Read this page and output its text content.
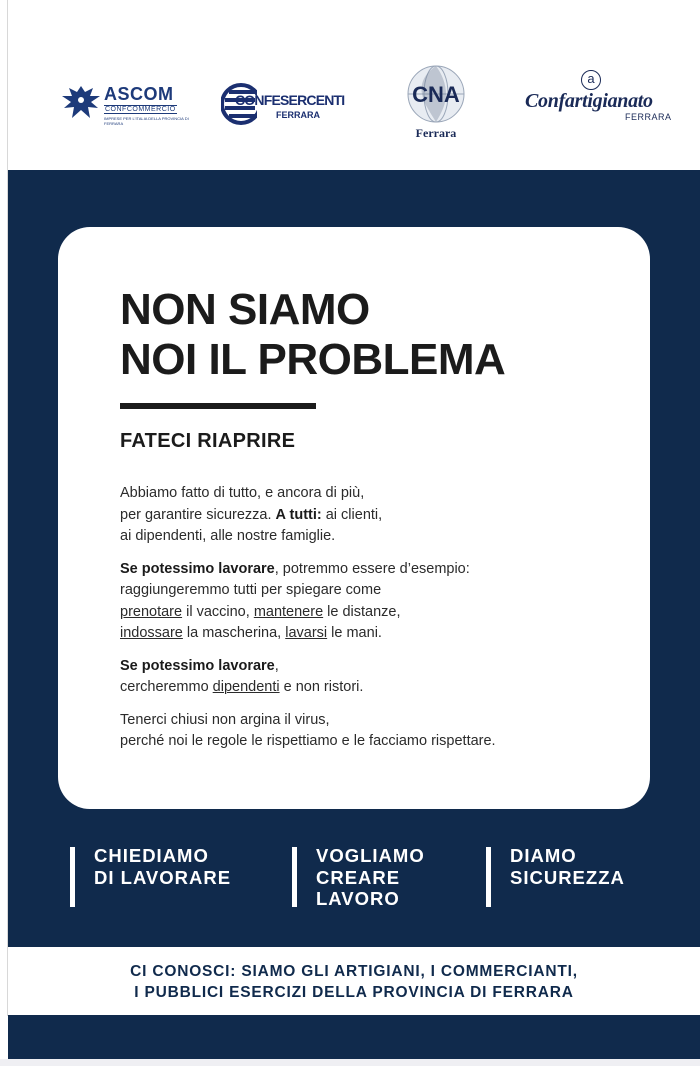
ASCOM
CONFCOMMERCIO
IMPRESE PER L'ITALIA DELLA PROVINCIA DI FERRARA
CONFESERCENTI
FERRARA
CNA
Ferrara
a
Confartigianato
FERRARA
NON SIAMO
NOI IL PROBLEMA
FATECI RIAPRIRE
Abbiamo fatto di tutto, e ancora di più,
per garantire sicurezza. A tutti: ai clienti,
ai dipendenti, alle nostre famiglie.
Se potessimo lavorare, potremmo essere d’esempio:
raggiungeremmo tutti per spiegare come
prenotare il vaccino, mantenere le distanze,
indossare la mascherina, lavarsi le mani.
Se potessimo lavorare,
cercheremmo dipendenti e non ristori.
Tenerci chiusi non argina il virus,
perché noi le regole le rispettiamo e le facciamo rispettare.
CHIEDIAMO
DI LAVORARE
VOGLIAMO
CREARE
LAVORO
DIAMO
SICUREZZA
CI CONOSCI: SIAMO GLI ARTIGIANI, I COMMERCIANTI,
I PUBBLICI ESERCIZI DELLA PROVINCIA DI FERRARA
